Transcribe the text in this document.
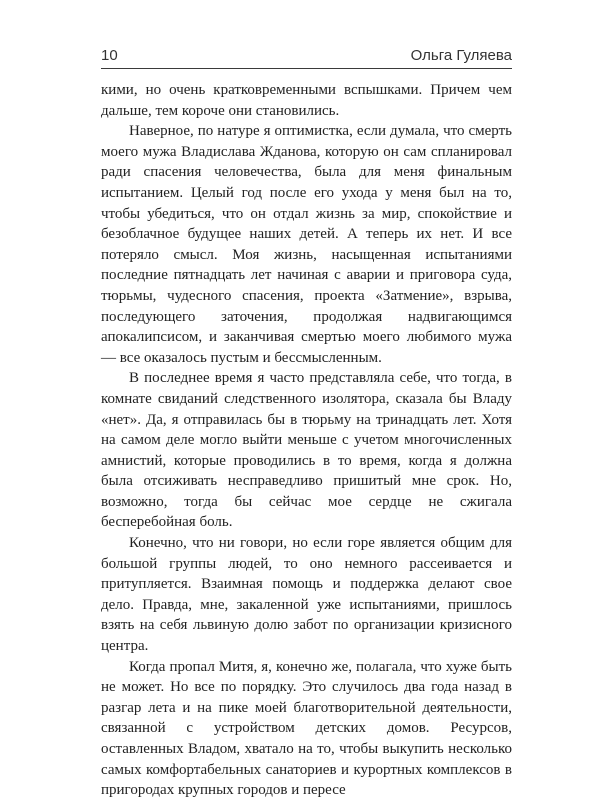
10	Ольга Гуляева

кими, но очень кратковременными вспышками. Причем чем дальше, тем короче они становились.

Наверное, по натуре я оптимистка, если думала, что смерть моего мужа Владислава Жданова, которую он сам спланировал ради спасения человечества, была для меня финальным испытанием. Целый год после его ухода у меня был на то, чтобы убедиться, что он отдал жизнь за мир, спокойствие и безоблачное будущее наших детей. А теперь их нет. И все потеряло смысл. Моя жизнь, насыщенная испытаниями последние пятнадцать лет начиная с аварии и приговора суда, тюрьмы, чудесного спасения, проекта «Затмение», взрыва, последующего заточения, продолжая надвигающимся апокалипсисом, и заканчивая смертью моего любимого мужа — все оказалось пустым и бессмысленным.

В последнее время я часто представляла себе, что тогда, в комнате свиданий следственного изолятора, сказала бы Владу «нет». Да, я отправилась бы в тюрьму на тринадцать лет. Хотя на самом деле могло выйти меньше с учетом многочисленных амнистий, которые проводились в то время, когда я должна была отсиживать несправедливо пришитый мне срок. Но, возможно, тогда бы сейчас мое сердце не сжигала бесперебойная боль.

Конечно, что ни говори, но если горе является общим для большой группы людей, то оно немного рассеивается и притупляется. Взаимная помощь и поддержка делают свое дело. Правда, мне, закаленной уже испытаниями, пришлось взять на себя львиную долю забот по организации кризисного центра.

Когда пропал Митя, я, конечно же, полагала, что хуже быть не может. Но все по порядку. Это случилось два года назад в разгар лета и на пике моей благотворительной деятельности, связанной с устройством детских домов. Ресурсов, оставленных Владом, хватало на то, чтобы выкупить несколько самых комфортабельных санаториев и курортных комплексов в пригородах крупных городов и пересе
